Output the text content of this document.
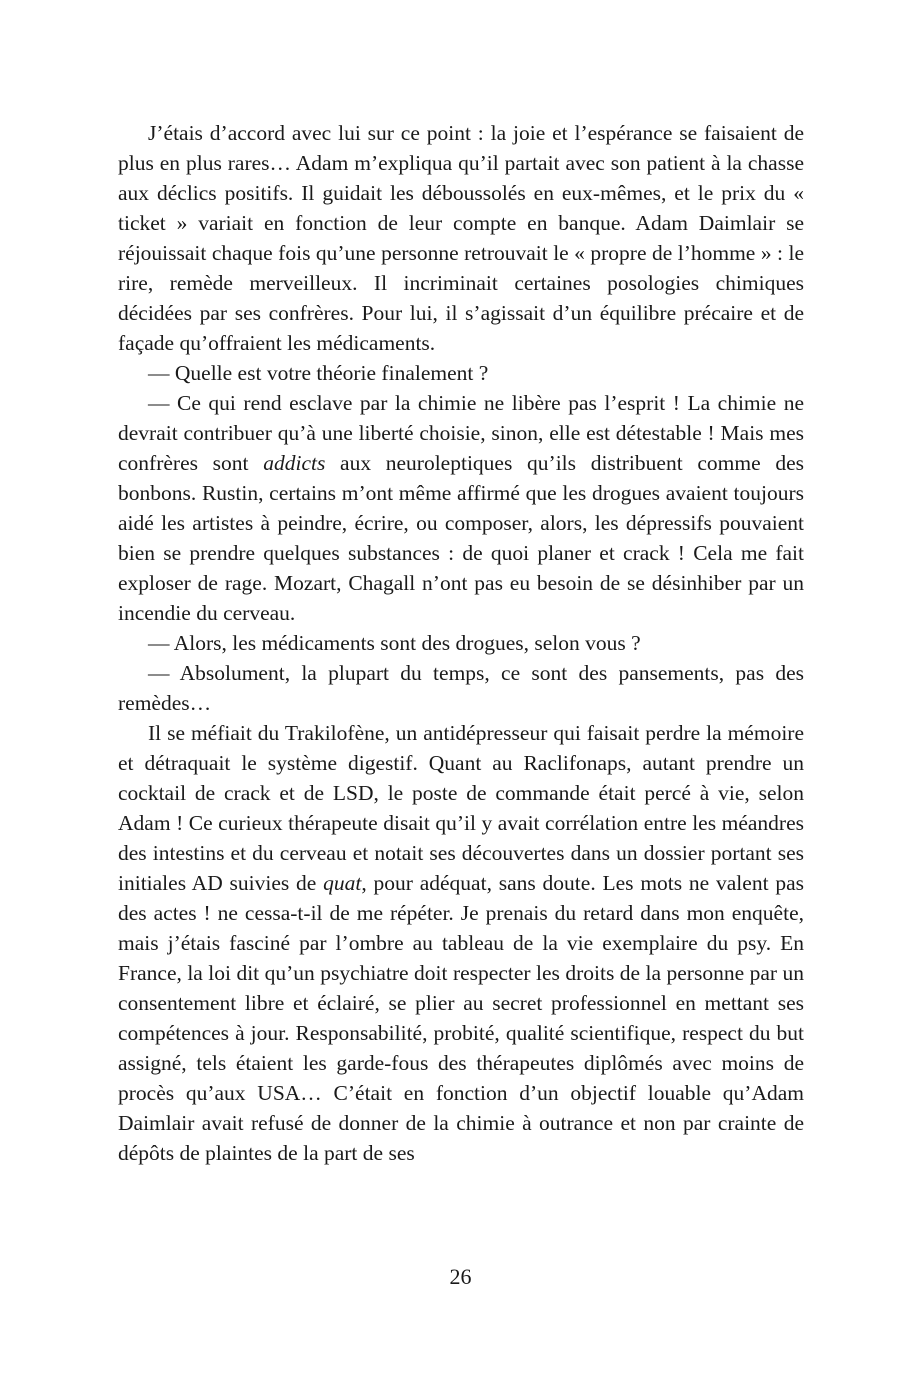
J’étais d’accord avec lui sur ce point : la joie et l’espérance se faisaient de plus en plus rares… Adam m’expliqua qu’il partait avec son patient à la chasse aux déclics positifs. Il guidait les déboussolés en eux-mêmes, et le prix du « ticket » variait en fonction de leur compte en banque. Adam Daimlair se réjouissait chaque fois qu’une personne retrouvait le « propre de l’homme » : le rire, remède merveilleux. Il incriminait certaines posologies chimiques décidées par ses confrères. Pour lui, il s’agissait d’un équilibre précaire et de façade qu’offraient les médicaments.

— Quelle est votre théorie finalement ?

— Ce qui rend esclave par la chimie ne libère pas l’esprit ! La chimie ne devrait contribuer qu’à une liberté choisie, sinon, elle est détestable ! Mais mes confrères sont addicts aux neuroleptiques qu’ils distribuent comme des bonbons. Rustin, certains m’ont même affirmé que les drogues avaient toujours aidé les artistes à peindre, écrire, ou composer, alors, les dépressifs pouvaient bien se prendre quelques substances : de quoi planer et crack ! Cela me fait exploser de rage. Mozart, Chagall n’ont pas eu besoin de se désinhiber par un incendie du cerveau.

— Alors, les médicaments sont des drogues, selon vous ?

— Absolument, la plupart du temps, ce sont des pansements, pas des remèdes…

Il se méfiait du Trakilofène, un antidépresseur qui faisait perdre la mémoire et détraquait le système digestif. Quant au Raclifonaps, autant prendre un cocktail de crack et de LSD, le poste de commande était percé à vie, selon Adam ! Ce curieux thérapeute disait qu’il y avait corrélation entre les méandres des intestins et du cerveau et notait ses découvertes dans un dossier portant ses initiales AD suivies de quat, pour adéquat, sans doute. Les mots ne valent pas des actes ! ne cessa-t-il de me répéter. Je prenais du retard dans mon enquête, mais j’étais fasciné par l’ombre au tableau de la vie exemplaire du psy. En France, la loi dit qu’un psychiatre doit respecter les droits de la personne par un consentement libre et éclairé, se plier au secret professionnel en mettant ses compétences à jour. Responsabilité, probité, qualité scientifique, respect du but assigné, tels étaient les garde-fous des thérapeutes diplômés avec moins de procès qu’aux USA… C’était en fonction d’un objectif louable qu’Adam Daimlair avait refusé de donner de la chimie à outrance et non par crainte de dépôts de plaintes de la part de ses

26
